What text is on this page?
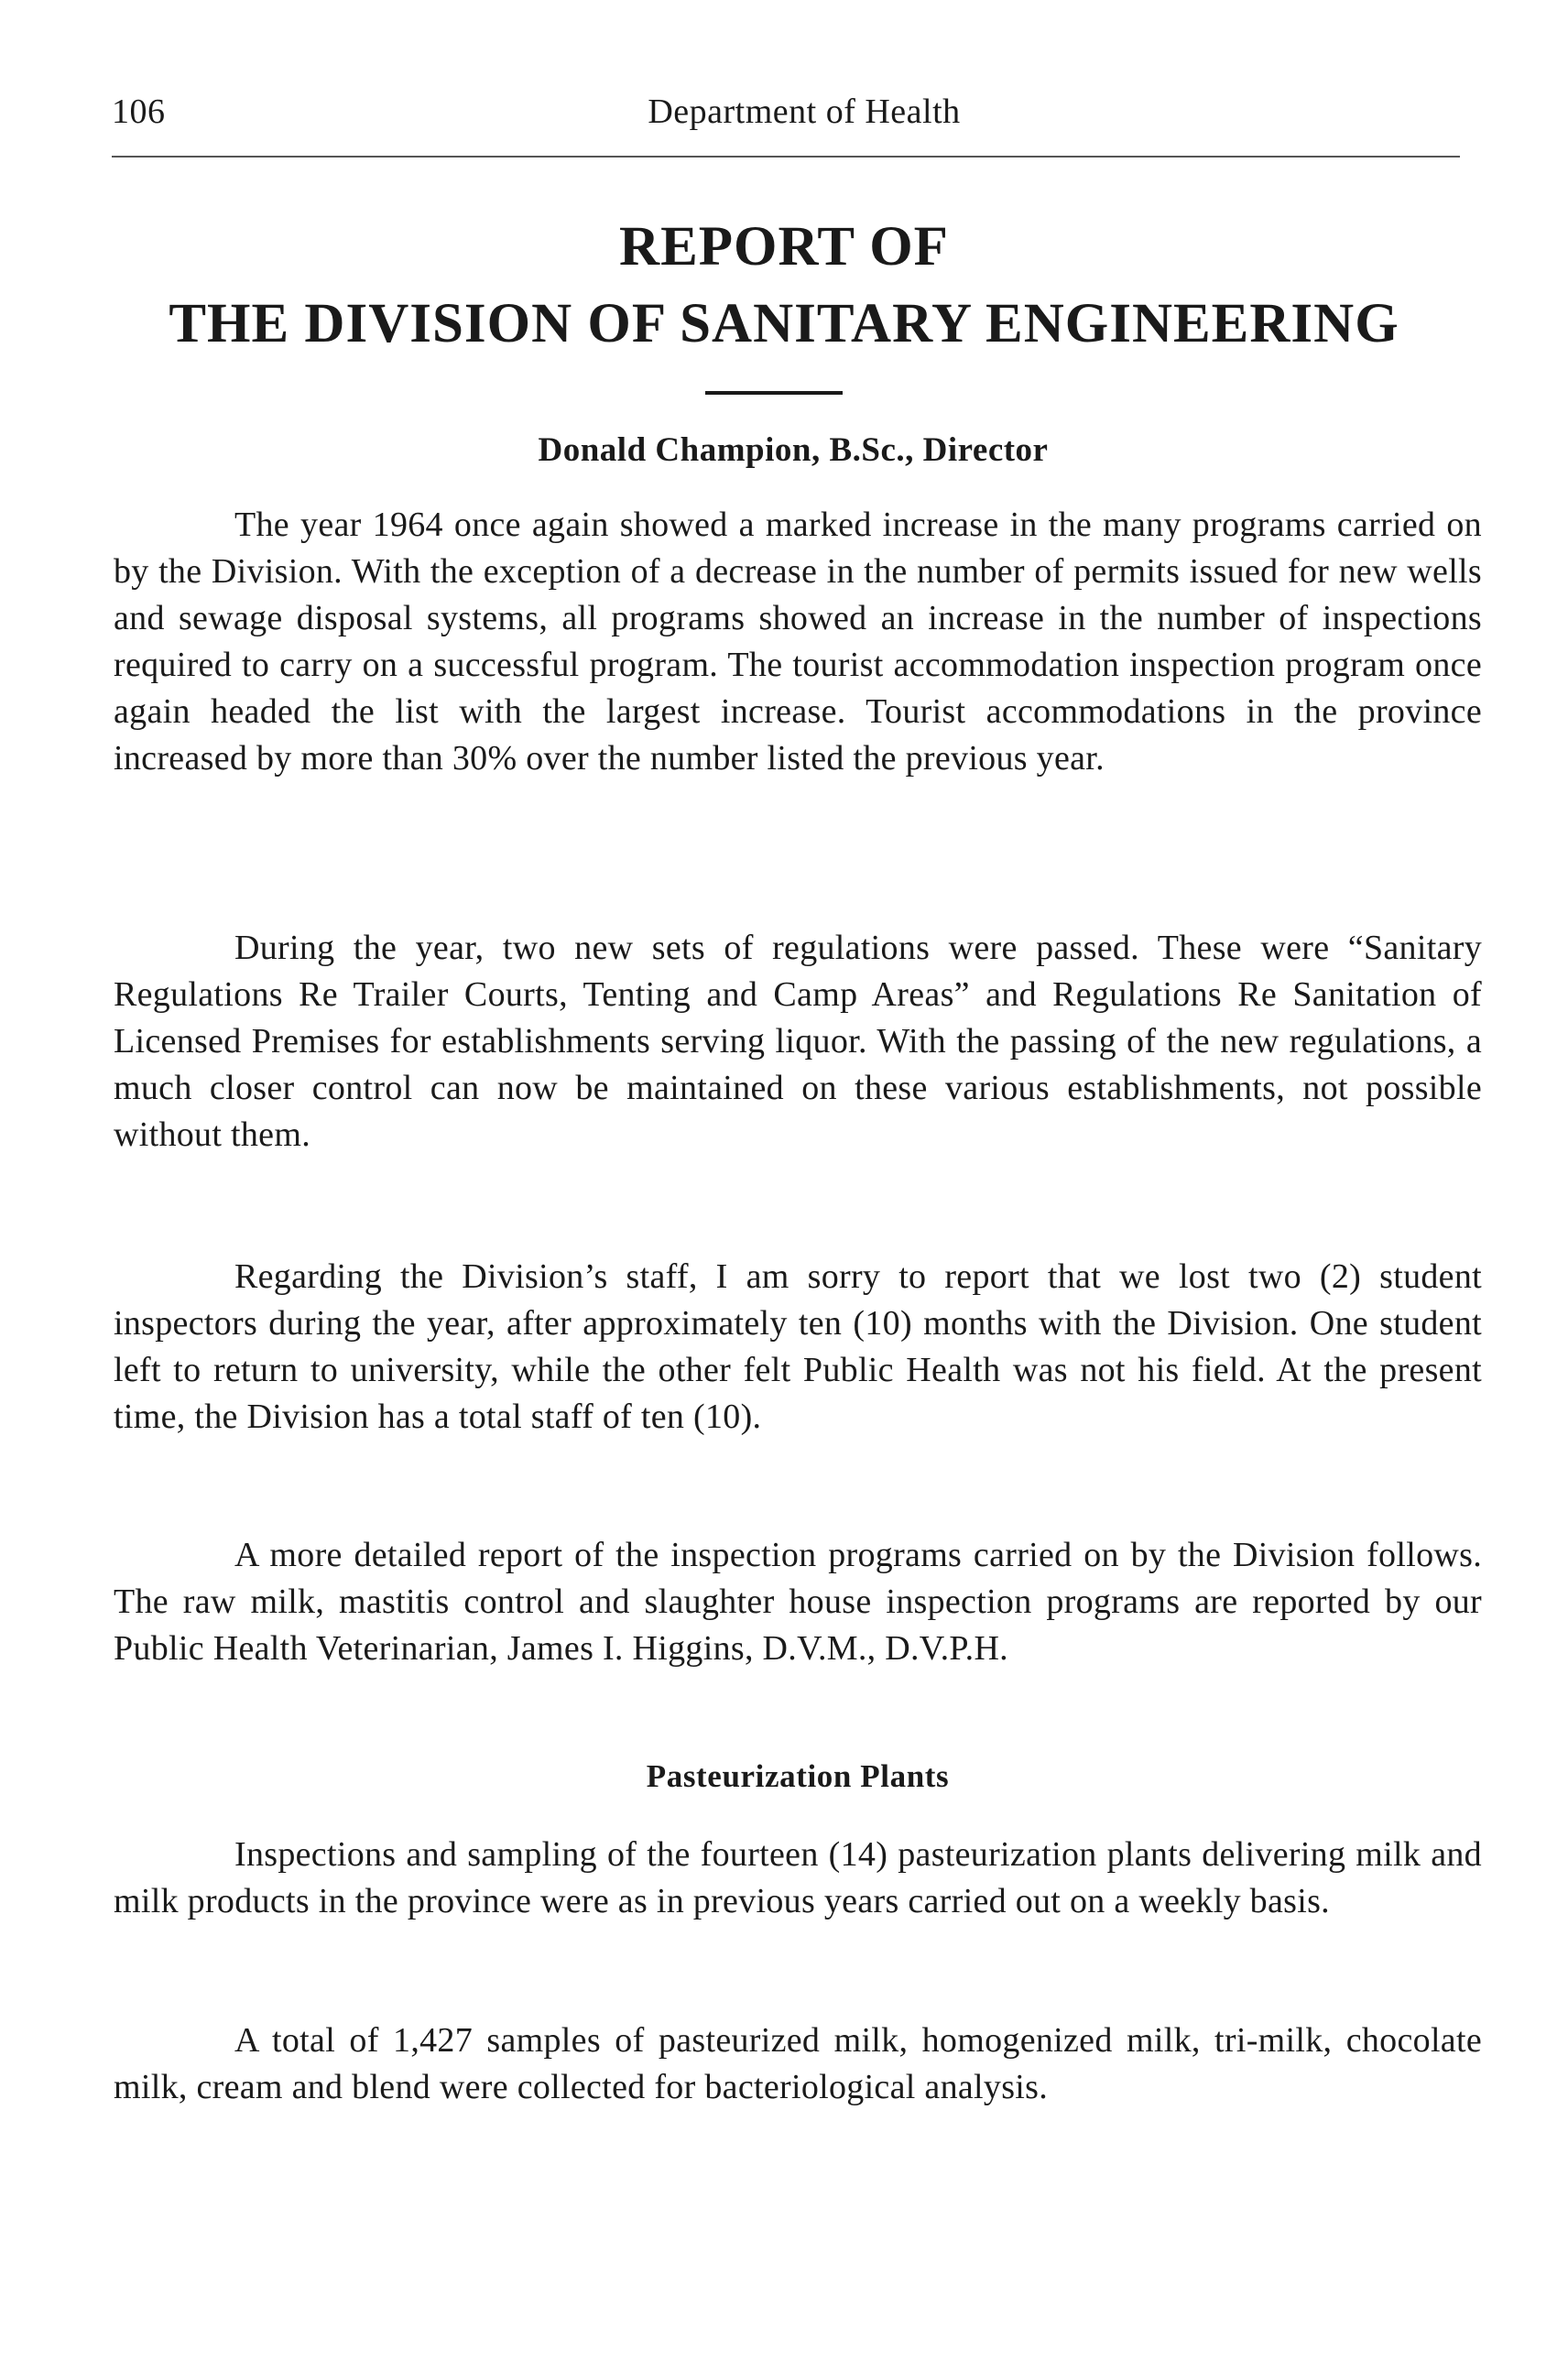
106	Department of Health
REPORT OF
THE DIVISION OF SANITARY ENGINEERING
Donald Champion, B.Sc., Director

The year 1964 once again showed a marked increase in the many programs carried on by the Division. With the exception of a decrease in the number of permits issued for new wells and sewage disposal systems, all programs showed an increase in the number of inspections required to carry on a successful program. The tourist accommodation inspection program once again headed the list with the largest increase. Tourist accommodations in the province increased by more than 30% over the number listed the previous year.

During the year, two new sets of regulations were passed. These were “Sanitary Regulations Re Trailer Courts, Tenting and Camp Areas” and Regulations Re Sanitation of Licensed Premises for establishments serving liquor. With the passing of the new regulations, a much closer control can now be maintained on these various establishments, not possible without them.

Regarding the Division’s staff, I am sorry to report that we lost two (2) student inspectors during the year, after approximately ten (10) months with the Division. One student left to return to university, while the other felt Public Health was not his field. At the present time, the Division has a total staff of ten (10).

A more detailed report of the inspection programs carried on by the Division follows. The raw milk, mastitis control and slaughter house inspection programs are reported by our Public Health Veterinarian, James I. Higgins, D.V.M., D.V.P.H.

Pasteurization Plants

Inspections and sampling of the fourteen (14) pasteurization plants delivering milk and milk products in the province were as in previous years carried out on a weekly basis.

A total of 1,427 samples of pasteurized milk, homogenized milk, tri-milk, chocolate milk, cream and blend were collected for bacteriological analysis.
